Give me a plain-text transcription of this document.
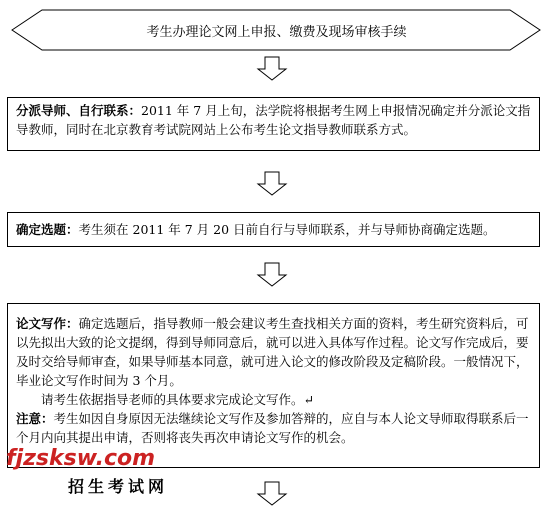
考生办理论文网上申报、缴费及现场审核手续
分派导师、自行联系：2011 年 7 月上旬，法学院将根据考生网上申报情况确定并分派论文指导教师，同时在北京教育考试院网站上公布考生论文指导教师联系方式。
确定选题：考生须在 2011 年 7 月 20 日前自行与导师联系，并与导师协商确定选题。

论文写作：确定选题后，指导教师一般会建议考生查找相关方面的资料，考生研究资料后，可以先拟出大致的论文提纲，得到导师同意后，就可以进入具体写作过程。论文写作完成后，要及时交给导师审查，如果导师基本同意，就可进入论文的修改阶段及定稿阶段。一般情况下，毕业论文写作时间为 3 个月。

请考生依据指导老师的具体要求完成论文写作。↵

注意：考生如因自身原因无法继续论文写作及参加答辩的，应自与本人论文导师取得联系后一个月内向其提出申请，否则将丧失再次申请论文写作的机会。

fjzsksw.com
招生考试网
